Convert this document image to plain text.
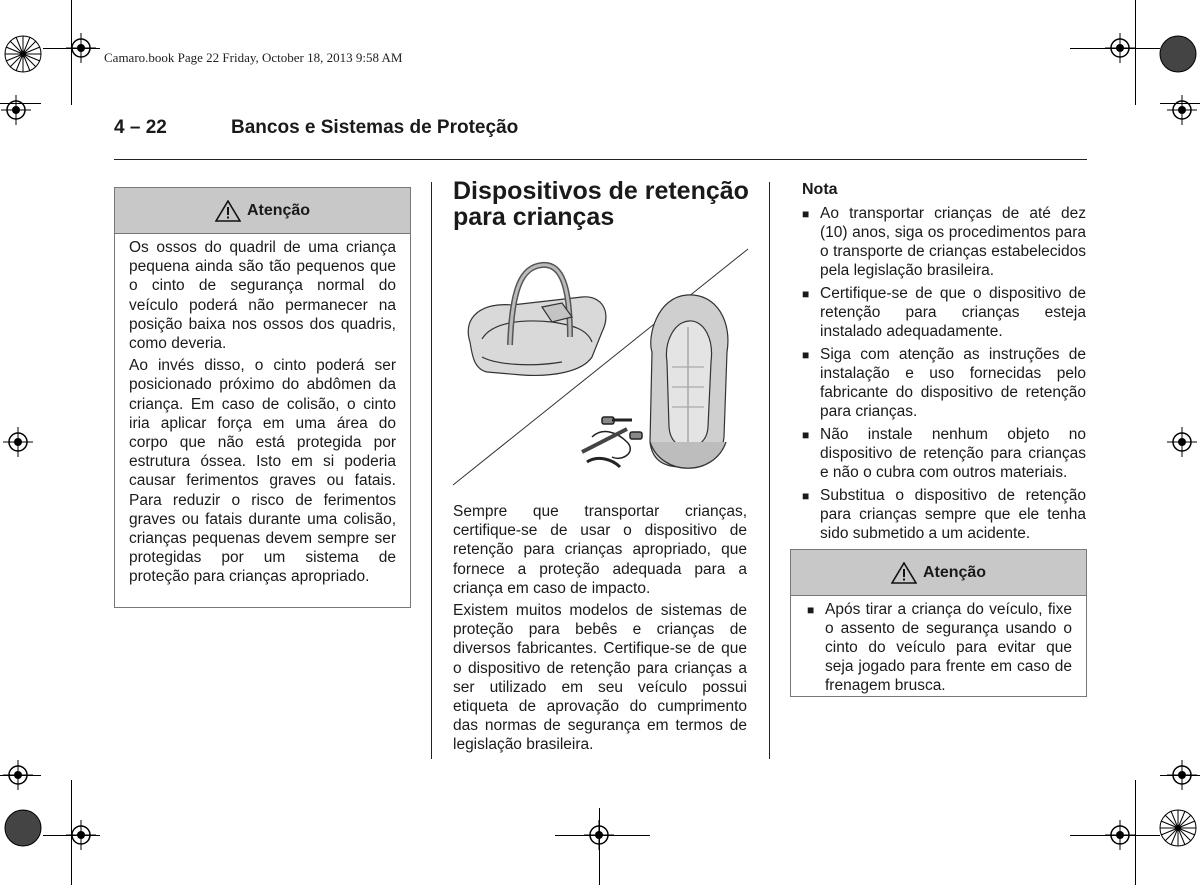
Camaro.book Page 22 Friday, October 18, 2013 9:58 AM
4 – 22	Bancos e Sistemas de Proteção
Atenção

Os ossos do quadril de uma criança pequena ainda são tão pequenos que o cinto de segurança normal do veículo poderá não permanecer na posição baixa nos ossos dos quadris, como deveria.

Ao invés disso, o cinto poderá ser posicionado próximo do abdômen da criança. Em caso de colisão, o cinto iria aplicar força em uma área do corpo que não está protegida por estrutura óssea. Isto em si poderia causar ferimentos graves ou fatais. Para reduzir o risco de ferimentos graves ou fatais durante uma colisão, crianças pequenas devem sempre ser protegidas por um sistema de proteção para crianças apropriado.

Dispositivos de retenção para crianças

Sempre que transportar crianças, certifique-se de usar o dispositivo de retenção para crianças apropriado, que fornece a proteção adequada para a criança em caso de impacto.

Existem muitos modelos de sistemas de proteção para bebês e crianças de diversos fabricantes. Certifique-se de que o dispositivo de retenção para crianças a ser utilizado em seu veículo possui etiqueta de aprovação do cumprimento das normas de segurança em termos de legislação brasileira.

Nota
■ Ao transportar crianças de até dez (10) anos, siga os procedimentos para o transporte de crianças estabelecidos pela legislação brasileira.
■ Certifique-se de que o dispositivo de retenção para crianças esteja instalado adequadamente.
■ Siga com atenção as instruções de instalação e uso fornecidas pelo fabricante do dispositivo de retenção para crianças.
■ Não instale nenhum objeto no dispositivo de retenção para crianças e não o cubra com outros materiais.
■ Substitua o dispositivo de retenção para crianças sempre que ele tenha sido submetido a um acidente.
Atenção
■ Após tirar a criança do veículo, fixe o assento de segurança usando o cinto do veículo para evitar que seja jogado para frente em caso de frenagem brusca.
